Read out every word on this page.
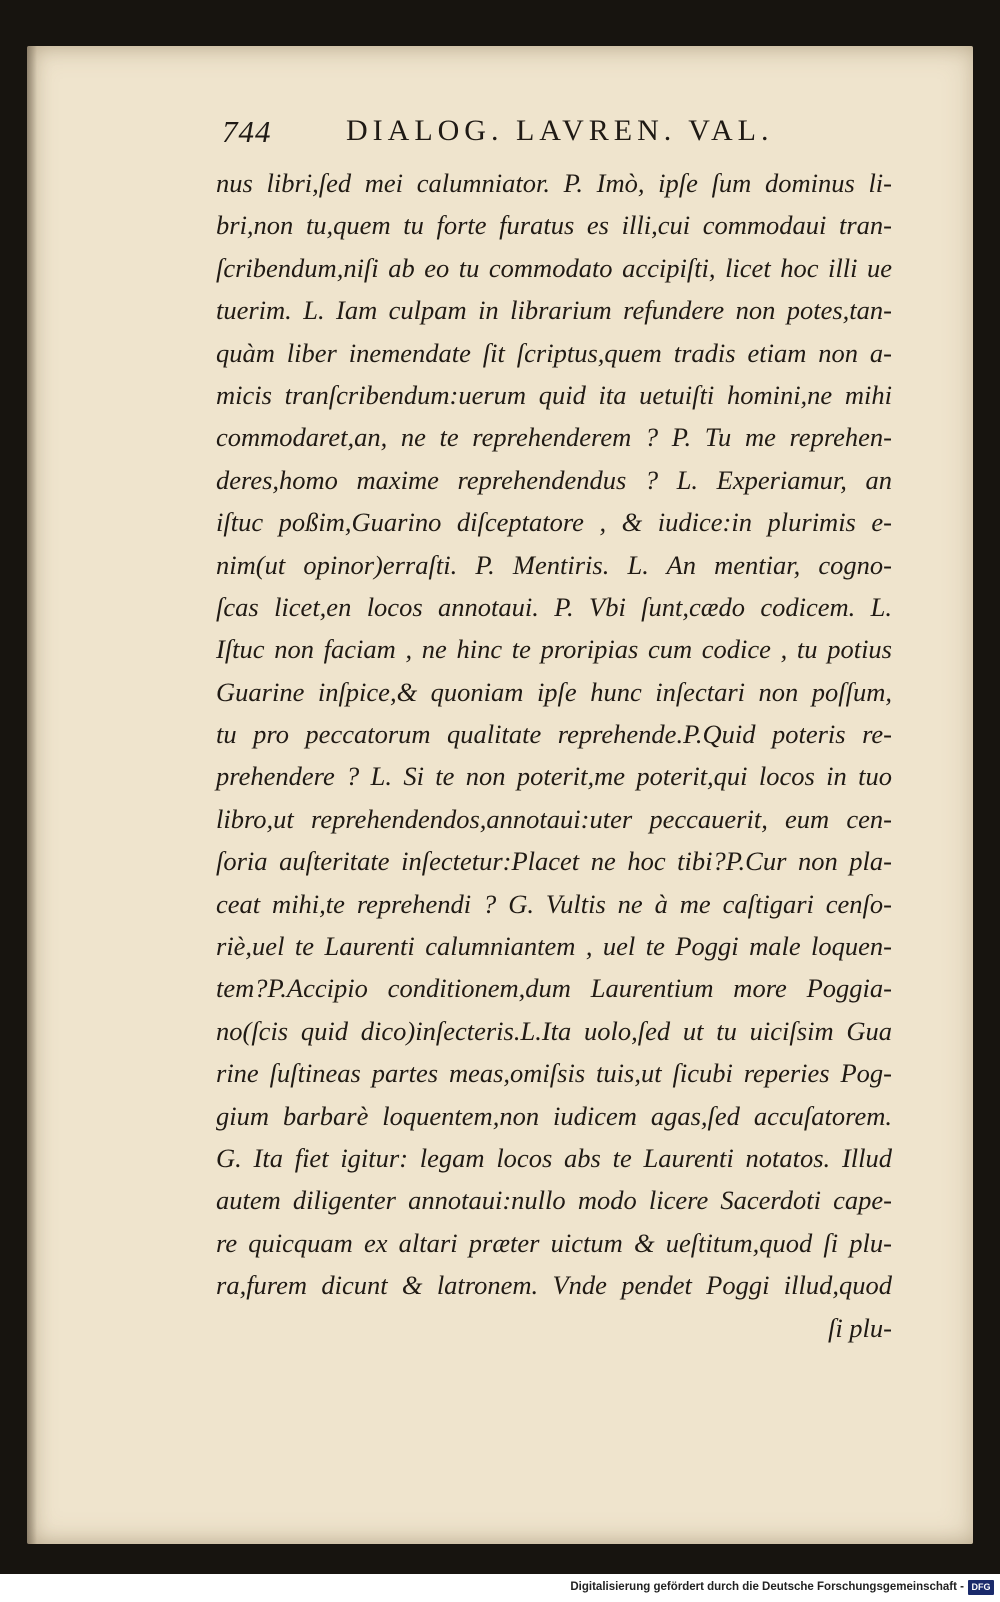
744 DIALOG. LAVREN. VAL.
nus libri,ſed mei calumniator. P. Imò, ipſe ſum dominus li-
bri,non tu,quem tu forte furatus es illi,cui commodaui tran-
ſcribendum,niſi ab eo tu commodato accipiſti, licet hoc illi ue
tuerim. L. Iam culpam in librarium refundere non potes,tan-
quàm liber inemendate ſit ſcriptus,quem tradis etiam non a-
micis tranſcribendum:uerum quid ita uetuiſti homini,ne mihi
commodaret,an, ne te reprehenderem ? P. Tu me reprehen-
deres,homo maxime reprehendendus ? L. Experiamur, an
iſtuc poßim,Guarino diſceptatore , & iudice:in plurimis e-
nim(ut opinor)erraſti. P. Mentiris. L. An mentiar, cogno-
ſcas licet,en locos annotaui. P. Vbi ſunt,cædo codicem. L.
Iſtuc non faciam , ne hinc te proripias cum codice , tu potius
Guarine inſpice,& quoniam ipſe hunc inſectari non poſſum,
tu pro peccatorum qualitate reprehende.P.Quid poteris re-
prehendere ? L. Si te non poterit,me poterit,qui locos in tuo
libro,ut reprehendendos,annotaui:uter peccauerit, eum cen-
ſoria auſteritate inſectetur:Placet ne hoc tibi?P.Cur non pla-
ceat mihi,te reprehendi ? G. Vultis ne à me caſtigari cenſo-
riè,uel te Laurenti calumniantem , uel te Poggi male loquen-
tem?P.Accipio conditionem,dum Laurentium more Poggia-
no(ſcis quid dico)inſecteris.L.Ita uolo,ſed ut tu uiciſsim Gua
rine ſuſtineas partes meas,omiſsis tuis,ut ſicubi reperies Pog-
gium barbarè loquentem,non iudicem agas,ſed accuſatorem.
G. Ita fiet igitur: legam locos abs te Laurenti notatos. Illud
autem diligenter annotaui:nullo modo licere Sacerdoti cape-
re quicquam ex altari præter uictum & ueſtitum,quod ſi plu-
ra,furem dicunt & latronem. Vnde pendet Poggi illud,quod
ſi plu-
Digitalisierung gefördert durch die Deutsche Forschungsgemeinschaft - DFG
